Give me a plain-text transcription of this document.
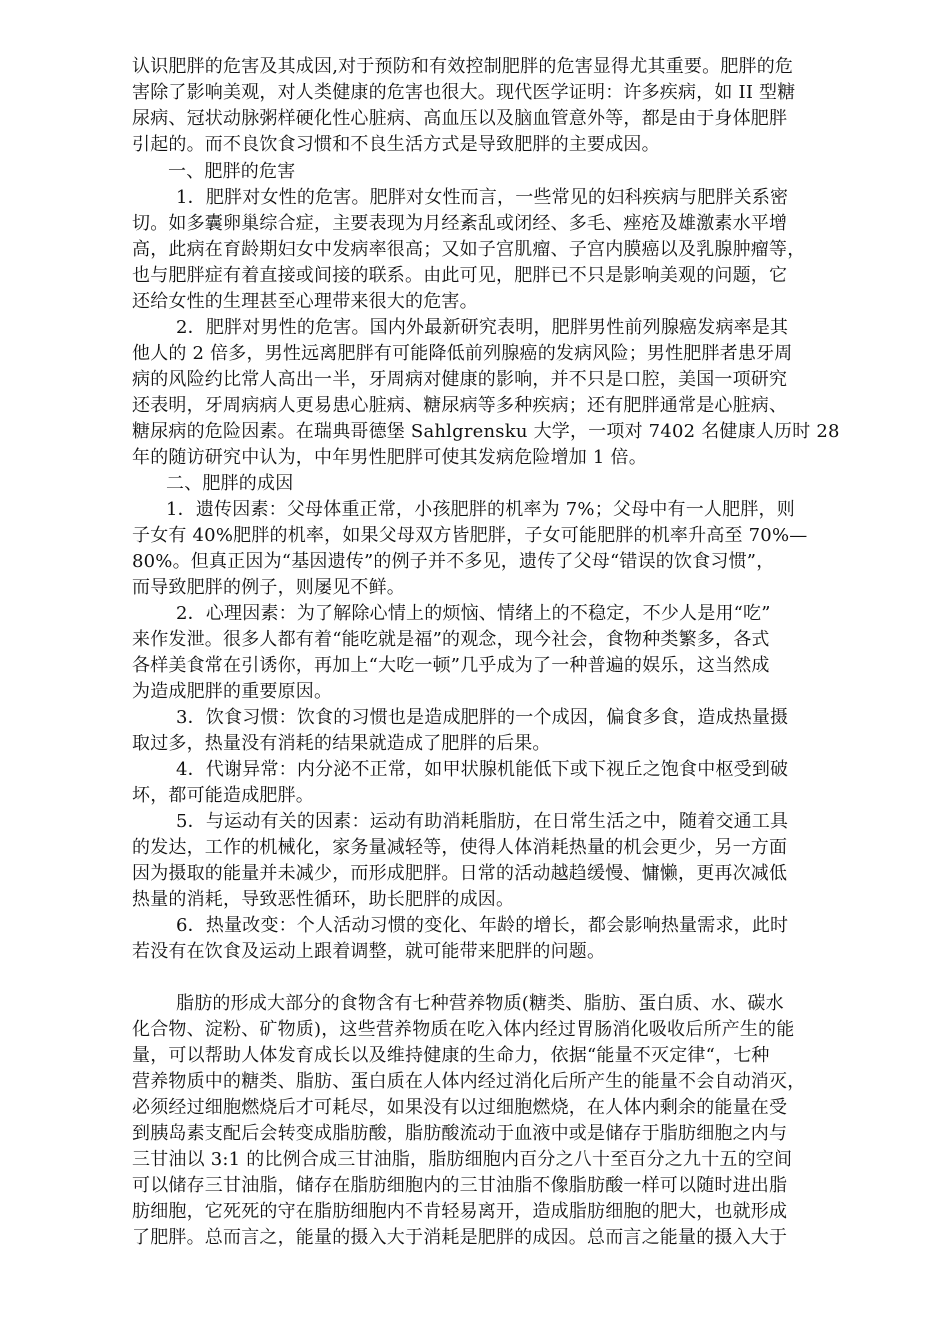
认识肥胖的危害及其成因,对于预防和有效控制肥胖的危害显得尤其重要。肥胖的危
害除了影响美观，对人类健康的危害也很大。现代医学证明：许多疾病，如 II 型糖
尿病、冠状动脉粥样硬化性心脏病、高血压以及脑血管意外等，都是由于身体肥胖
引起的。而不良饮食习惯和不良生活方式是导致肥胖的主要成因。
一、肥胖的危害
1．肥胖对女性的危害。肥胖对女性而言，一些常见的妇科疾病与肥胖关系密
切。如多囊卵巢综合症，主要表现为月经紊乱或闭经、多毛、痤疮及雄激素水平增
高，此病在育龄期妇女中发病率很高；又如子宫肌瘤、子宫内膜癌以及乳腺肿瘤等，
也与肥胖症有着直接或间接的联系。由此可见，肥胖已不只是影响美观的问题，它
还给女性的生理甚至心理带来很大的危害。
2．肥胖对男性的危害。国内外最新研究表明，肥胖男性前列腺癌发病率是其
他人的 2 倍多，男性远离肥胖有可能降低前列腺癌的发病风险；男性肥胖者患牙周
病的风险约比常人高出一半，牙周病对健康的影响，并不只是口腔，美国一项研究
还表明，牙周病病人更易患心脏病、糖尿病等多种疾病；还有肥胖通常是心脏病、
糖尿病的危险因素。在瑞典哥德堡 Sahlgrensku 大学，一项对 7402 名健康人历时 28
年的随访研究中认为，中年男性肥胖可使其发病危险增加 1 倍。
二、肥胖的成因
1．遗传因素：父母体重正常，小孩肥胖的机率为 7%；父母中有一人肥胖，则
子女有 40%肥胖的机率，如果父母双方皆肥胖，子女可能肥胖的机率升高至 70%—
80%。但真正因为“基因遗传”的例子并不多见，遗传了父母“错误的饮食习惯”，
而导致肥胖的例子，则屡见不鲜。
2．心理因素：为了解除心情上的烦恼、情绪上的不稳定，不少人是用“吃”
来作发泄。很多人都有着“能吃就是福”的观念，现今社会，食物种类繁多，各式
各样美食常在引诱你，再加上“大吃一顿”几乎成为了一种普遍的娱乐，这当然成
为造成肥胖的重要原因。
3．饮食习惯：饮食的习惯也是造成肥胖的一个成因，偏食多食，造成热量摄
取过多，热量没有消耗的结果就造成了肥胖的后果。
4．代谢异常：内分泌不正常，如甲状腺机能低下或下视丘之饱食中枢受到破
坏，都可能造成肥胖。
5．与运动有关的因素：运动有助消耗脂肪，在日常生活之中，随着交通工具
的发达，工作的机械化，家务量减轻等，使得人体消耗热量的机会更少，另一方面
因为摄取的能量并未减少，而形成肥胖。日常的活动越趋缓慢、慵懒，更再次减低
热量的消耗，导致恶性循环，助长肥胖的成因。
6．热量改变：个人活动习惯的变化、年龄的增长，都会影响热量需求，此时
若没有在饮食及运动上跟着调整，就可能带来肥胖的问题。
脂肪的形成大部分的食物含有七种营养物质(糖类、脂肪、蛋白质、水、碳水
化合物、淀粉、矿物质)，这些营养物质在吃入体内经过胃肠消化吸收后所产生的能
量，可以帮助人体发育成长以及维持健康的生命力，依据“能量不灭定律“，七种
营养物质中的糖类、脂肪、蛋白质在人体内经过消化后所产生的能量不会自动消灭，
必须经过细胞燃烧后才可耗尽，如果没有以过细胞燃烧，在人体内剩余的能量在受
到胰岛素支配后会转变成脂肪酸，脂肪酸流动于血液中或是储存于脂肪细胞之内与
三甘油以 3:1 的比例合成三甘油脂，脂肪细胞内百分之八十至百分之九十五的空间
可以储存三甘油脂，储存在脂肪细胞内的三甘油脂不像脂肪酸一样可以随时进出脂
肪细胞，它死死的守在脂肪细胞内不肯轻易离开，造成脂肪细胞的肥大，也就形成
了肥胖。总而言之，能量的摄入大于消耗是肥胖的成因。总而言之能量的摄入大于
